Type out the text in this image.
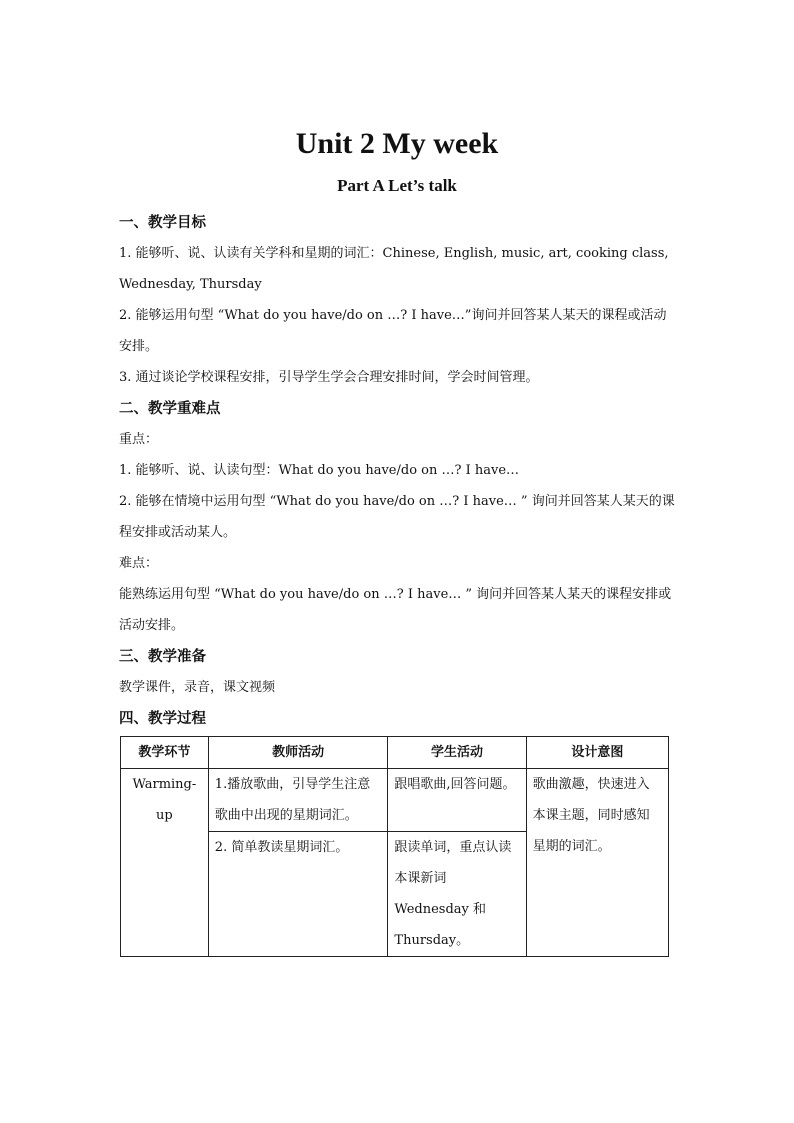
Unit 2 My week
Part A Let’s talk

一、教学目标

1. 能够听、说、认读有关学科和星期的词汇：Chinese, English, music, art, cooking class, Wednesday, Thursday

2. 能够运用句型 “What do you have/do on …? I have…”询问并回答某人某天的课程或活动安排。

3. 通过谈论学校课程安排，引导学生学会合理安排时间，学会时间管理。

二、教学重难点

重点：

1. 能够听、说、认读句型：What do you have/do on …? I have…

2. 能够在情境中运用句型 “What do you have/do on …? I have… ” 询问并回答某人某天的课程安排或活动某人。

难点：

能熟练运用句型 “What do you have/do on …? I have… ” 询问并回答某人某天的课程安排或活动安排。

三、教学准备

教学课件，录音，课文视频

四、教学过程

教学环节	教师活动	学生活动	设计意图
Warming-up	1.播放歌曲，引导学生注意歌曲中出现的星期词汇。	跟唱歌曲,回答问题。	歌曲激趣，快速进入本课主题，同时感知星期的词汇。
	2. 简单教读星期词汇。	跟读单词，重点认读本课新词 Wednesday 和 Thursday。	
